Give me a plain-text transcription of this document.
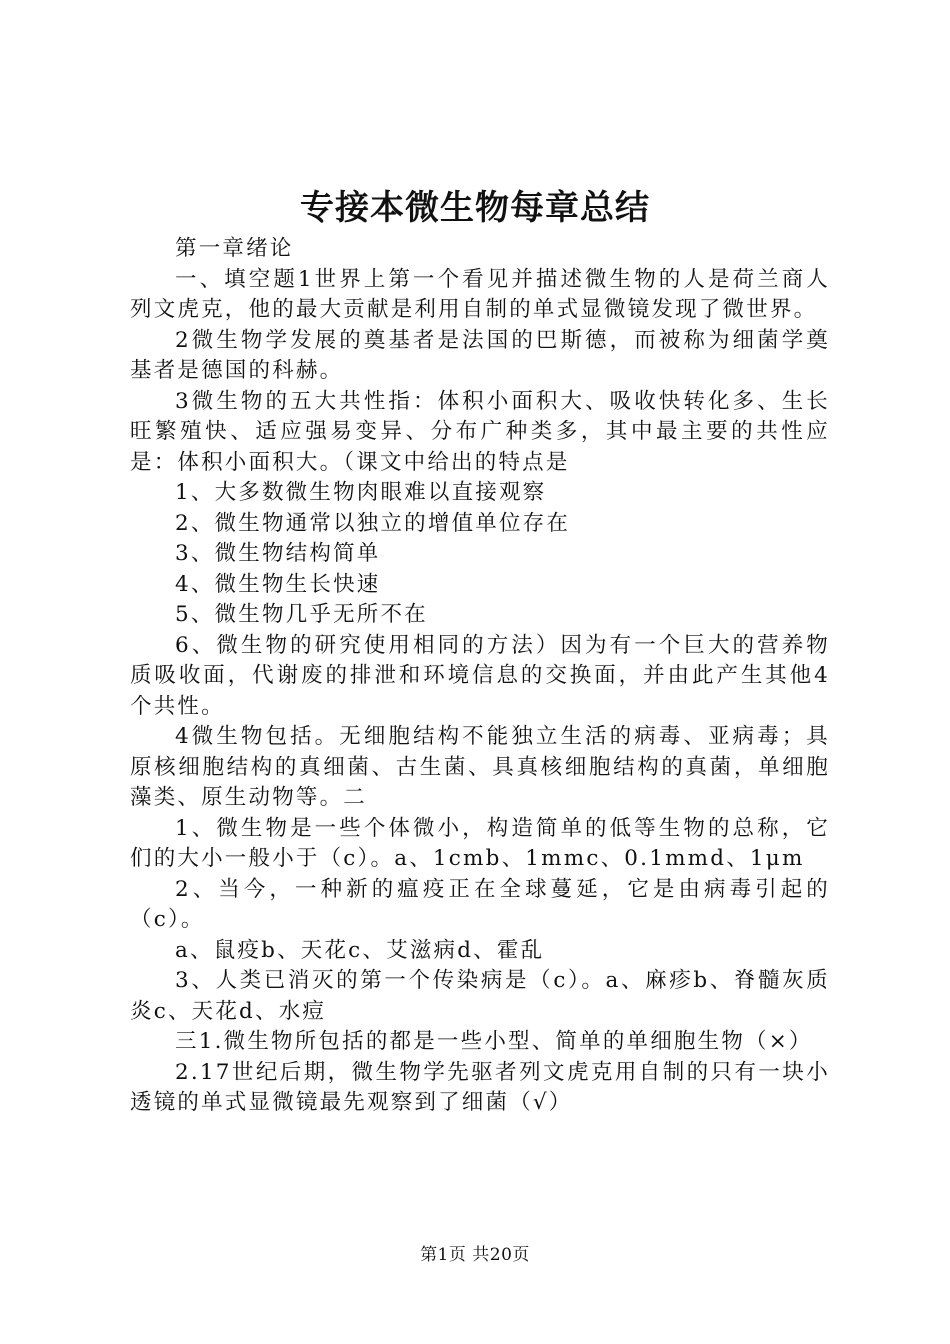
专接本微生物每章总结

第一章绪论

一、填空题1世界上第一个看见并描述微生物的人是荷兰商人列文虎克，他的最大贡献是利用自制的单式显微镜发现了微世界。

2微生物学发展的奠基者是法国的巴斯德，而被称为细菌学奠基者是德国的科赫。

3微生物的五大共性指：体积小面积大、吸收快转化多、生长旺繁殖快、适应强易变异、分布广种类多，其中最主要的共性应是：体积小面积大。（课文中给出的特点是

1、大多数微生物肉眼难以直接观察

2、微生物通常以独立的增值单位存在

3、微生物结构简单

4、微生物生长快速

5、微生物几乎无所不在

6、微生物的研究使用相同的方法）因为有一个巨大的营养物质吸收面，代谢废的排泄和环境信息的交换面，并由此产生其他4个共性。

4微生物包括。无细胞结构不能独立生活的病毒、亚病毒；具原核细胞结构的真细菌、古生菌、具真核细胞结构的真菌，单细胞藻类、原生动物等。二

1、微生物是一些个体微小，构造简单的低等生物的总称，它们的大小一般小于（c）。a、1cmb、1mmc、0.1mmd、1μm

2、当今，一种新的瘟疫正在全球蔓延，它是由病毒引起的（c）。

a、鼠疫b、天花c、艾滋病d、霍乱

3、人类已消灭的第一个传染病是（c）。a、麻疹b、脊髓灰质炎c、天花d、水痘

三1.微生物所包括的都是一些小型、简单的单细胞生物（×）

2.17世纪后期，微生物学先驱者列文虎克用自制的只有一块小透镜的单式显微镜最先观察到了细菌（√）

第1页 共20页
